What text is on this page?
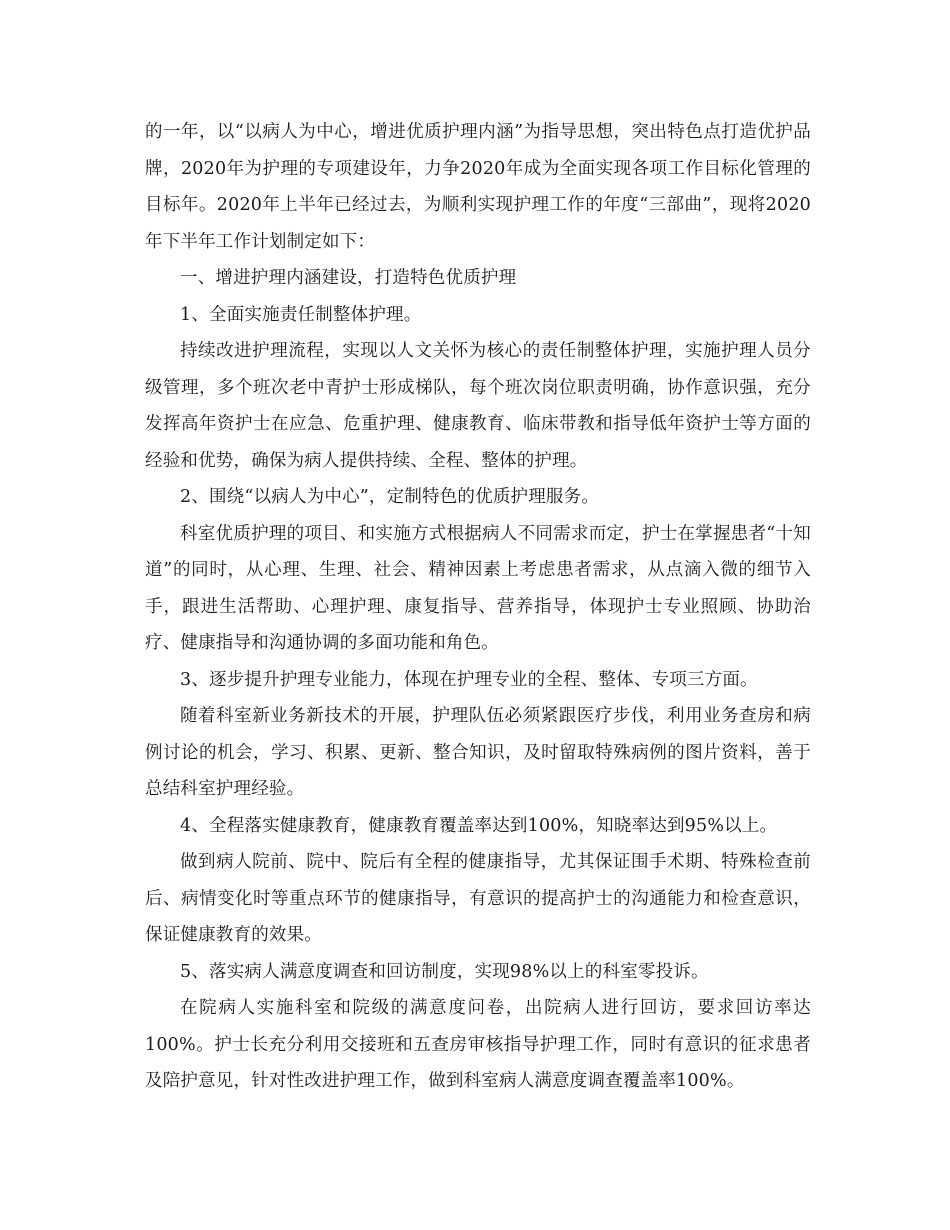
的一年，以“以病人为中心，增进优质护理内涵”为指导思想，突出特色点打造优护品牌，2020年为护理的专项建设年，力争2020年成为全面实现各项工作目标化管理的目标年。2020年上半年已经过去，为顺利实现护理工作的年度“三部曲”，现将2020年下半年工作计划制定如下：

一、增进护理内涵建设，打造特色优质护理

1、全面实施责任制整体护理。

持续改进护理流程，实现以人文关怀为核心的责任制整体护理，实施护理人员分级管理，多个班次老中青护士形成梯队，每个班次岗位职责明确，协作意识强，充分发挥高年资护士在应急、危重护理、健康教育、临床带教和指导低年资护士等方面的经验和优势，确保为病人提供持续、全程、整体的护理。

2、围绕“以病人为中心”，定制特色的优质护理服务。

科室优质护理的项目、和实施方式根据病人不同需求而定，护士在掌握患者“十知道”的同时，从心理、生理、社会、精神因素上考虑患者需求，从点滴入微的细节入手，跟进生活帮助、心理护理、康复指导、营养指导，体现护士专业照顾、协助治疗、健康指导和沟通协调的多面功能和角色。

3、逐步提升护理专业能力，体现在护理专业的全程、整体、专项三方面。

随着科室新业务新技术的开展，护理队伍必须紧跟医疗步伐，利用业务查房和病例讨论的机会，学习、积累、更新、整合知识，及时留取特殊病例的图片资料，善于总结科室护理经验。

4、全程落实健康教育，健康教育覆盖率达到100%，知晓率达到95%以上。

做到病人院前、院中、院后有全程的健康指导，尤其保证围手术期、特殊检查前后、病情变化时等重点环节的健康指导，有意识的提高护士的沟通能力和检查意识，保证健康教育的效果。

5、落实病人满意度调查和回访制度，实现98%以上的科室零投诉。

在院病人实施科室和院级的满意度问卷，出院病人进行回访，要求回访率达100%。护士长充分利用交接班和五查房审核指导护理工作，同时有意识的征求患者及陪护意见，针对性改进护理工作，做到科室病人满意度调查覆盖率100%。
